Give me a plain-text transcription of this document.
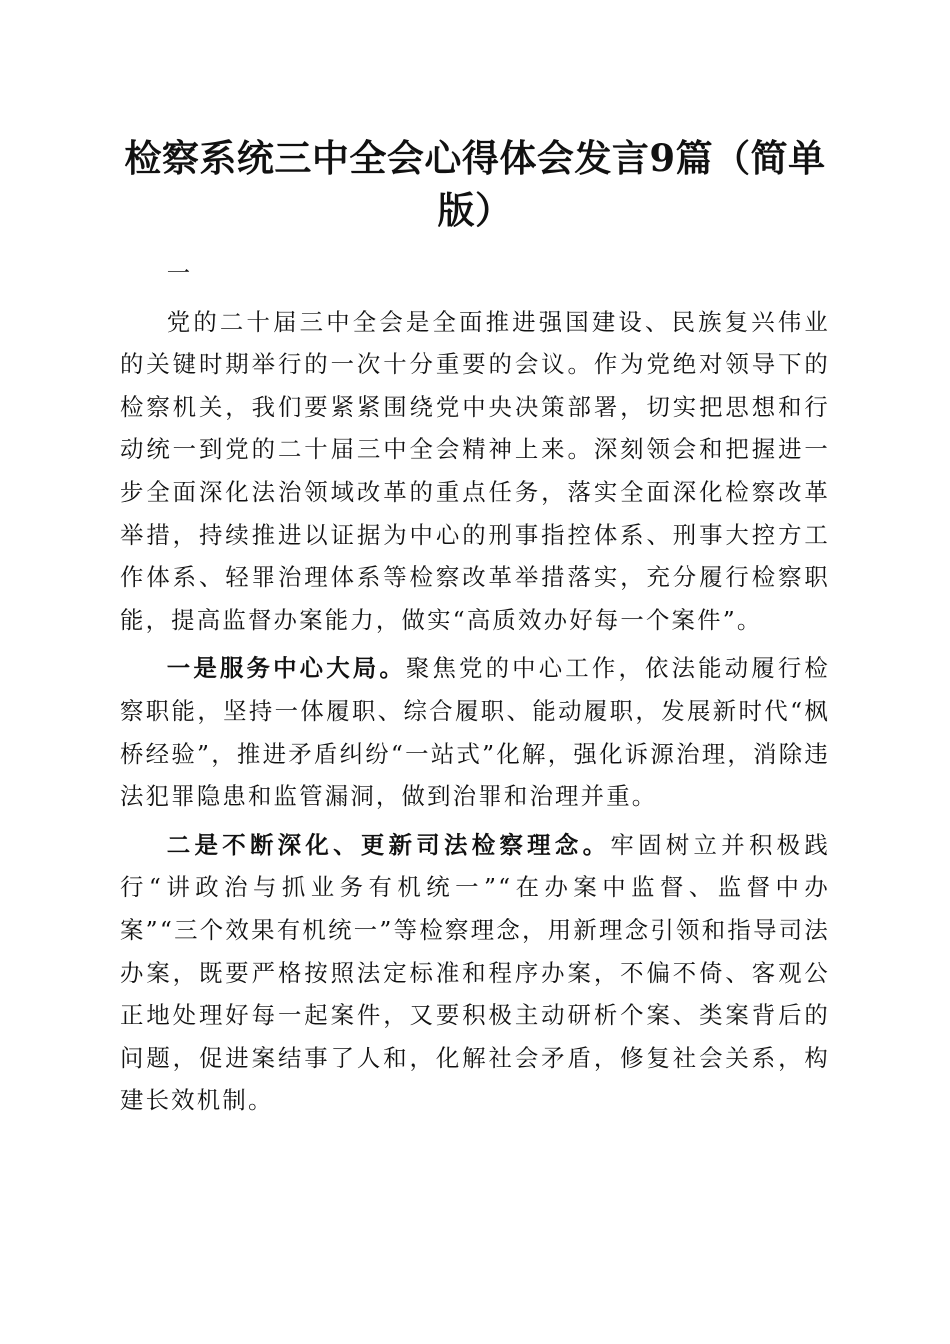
检察系统三中全会心得体会发言9篇（简单版）

一

党的二十届三中全会是全面推进强国建设、民族复兴伟业的关键时期举行的一次十分重要的会议。作为党绝对领导下的检察机关，我们要紧紧围绕党中央决策部署，切实把思想和行动统一到党的二十届三中全会精神上来。深刻领会和把握进一步全面深化法治领域改革的重点任务，落实全面深化检察改革举措，持续推进以证据为中心的刑事指控体系、刑事大控方工作体系、轻罪治理体系等检察改革举措落实，充分履行检察职能，提高监督办案能力，做实“高质效办好每一个案件”。

一是服务中心大局。聚焦党的中心工作，依法能动履行检察职能，坚持一体履职、综合履职、能动履职，发展新时代“枫桥经验”，推进矛盾纠纷“一站式”化解，强化诉源治理，消除违法犯罪隐患和监管漏洞，做到治罪和治理并重。

二是不断深化、更新司法检察理念。牢固树立并积极践行“讲政治与抓业务有机统一”“在办案中监督、监督中办案”“三个效果有机统一”等检察理念，用新理念引领和指导司法办案，既要严格按照法定标准和程序办案，不偏不倚、客观公正地处理好每一起案件，又要积极主动研析个案、类案背后的问题，促进案结事了人和，化解社会矛盾，修复社会关系，构建长效机制。
